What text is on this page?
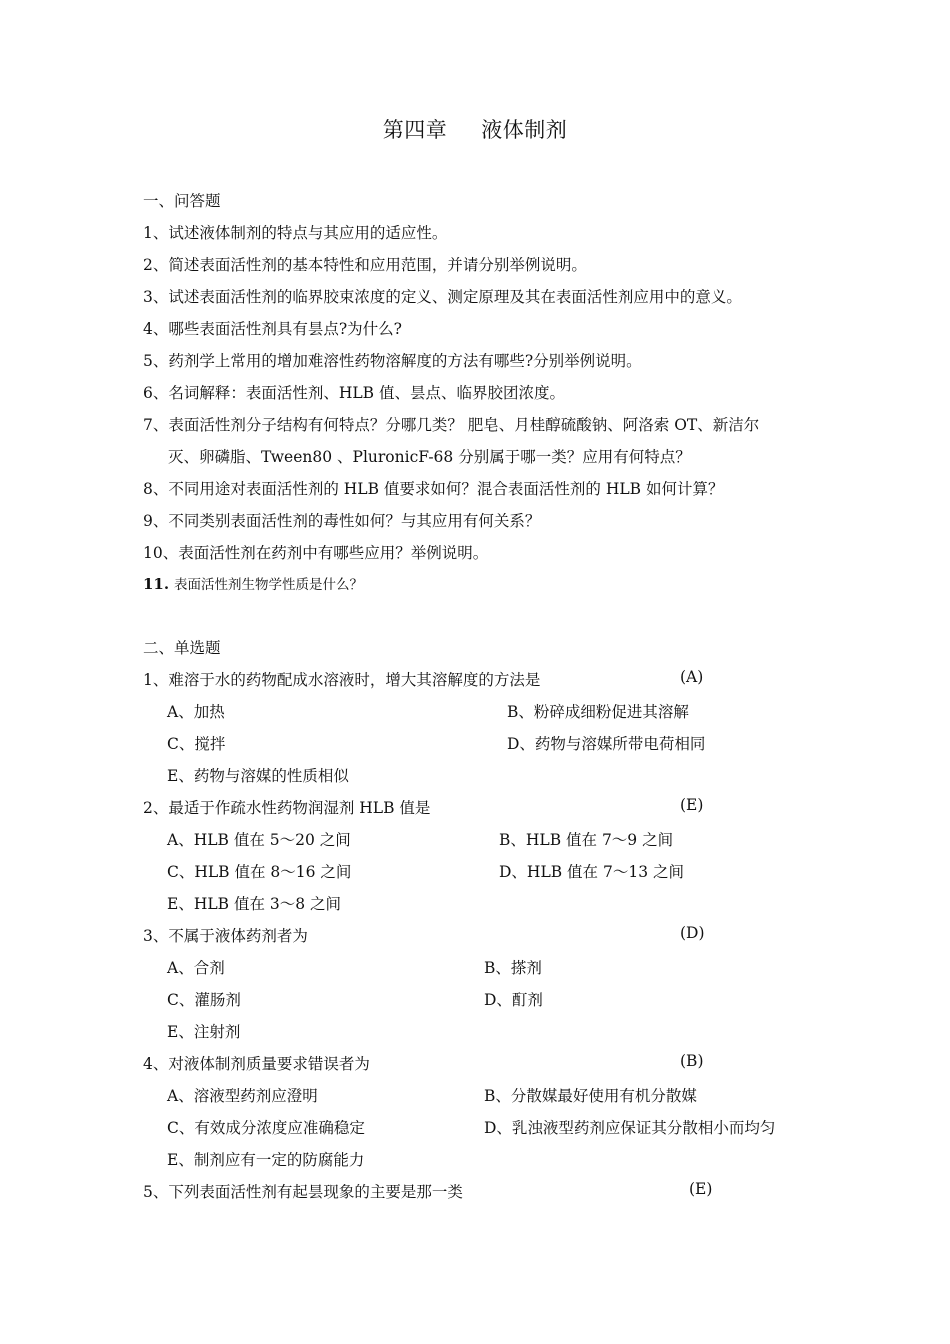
第四章 液体制剂
一、问答题
1、试述液体制剂的特点与其应用的适应性。
2、简述表面活性剂的基本特性和应用范围，并请分别举例说明。
3、试述表面活性剂的临界胶束浓度的定义、测定原理及其在表面活性剂应用中的意义。
4、哪些表面活性剂具有昙点?为什么?
5、药剂学上常用的增加难溶性药物溶解度的方法有哪些?分别举例说明。
6、名词解释：表面活性剂、HLB 值、昙点、临界胶团浓度。
7、表面活性剂分子结构有何特点？分哪几类？ 肥皂、月桂醇硫酸钠、阿洛索 OT、新洁尔
灭、卵磷脂、Tween80 、PluronicF-68 分别属于哪一类？应用有何特点？
8、不同用途对表面活性剂的 HLB 值要求如何？混合表面活性剂的 HLB 如何计算？
9、不同类别表面活性剂的毒性如何？与其应用有何关系？
10、表面活性剂在药剂中有哪些应用？举例说明。
11. 表面活性剂生物学性质是什么？
二、单选题
1、难溶于水的药物配成水溶液时，增大其溶解度的方法是	(A)
A、加热	B、粉碎成细粉促进其溶解
C、搅拌	D、药物与溶媒所带电荷相同
E、药物与溶媒的性质相似
2、最适于作疏水性药物润湿剂 HLB 值是	(E)
A、HLB 值在 5～20 之间	B、HLB 值在 7～9 之间
C、HLB 值在 8～16 之间	D、HLB 值在 7～13 之间
E、HLB 值在 3～8 之间
3、不属于液体药剂者为	(D)
A、合剂	B、搽剂
C、灌肠剂	D、酊剂
E、注射剂
4、对液体制剂质量要求错误者为	(B)
A、溶液型药剂应澄明	B、分散媒最好使用有机分散媒
C、有效成分浓度应准确稳定	D、乳浊液型药剂应保证其分散相小而均匀
E、制剂应有一定的防腐能力
5、下列表面活性剂有起昙现象的主要是那一类	(E)
